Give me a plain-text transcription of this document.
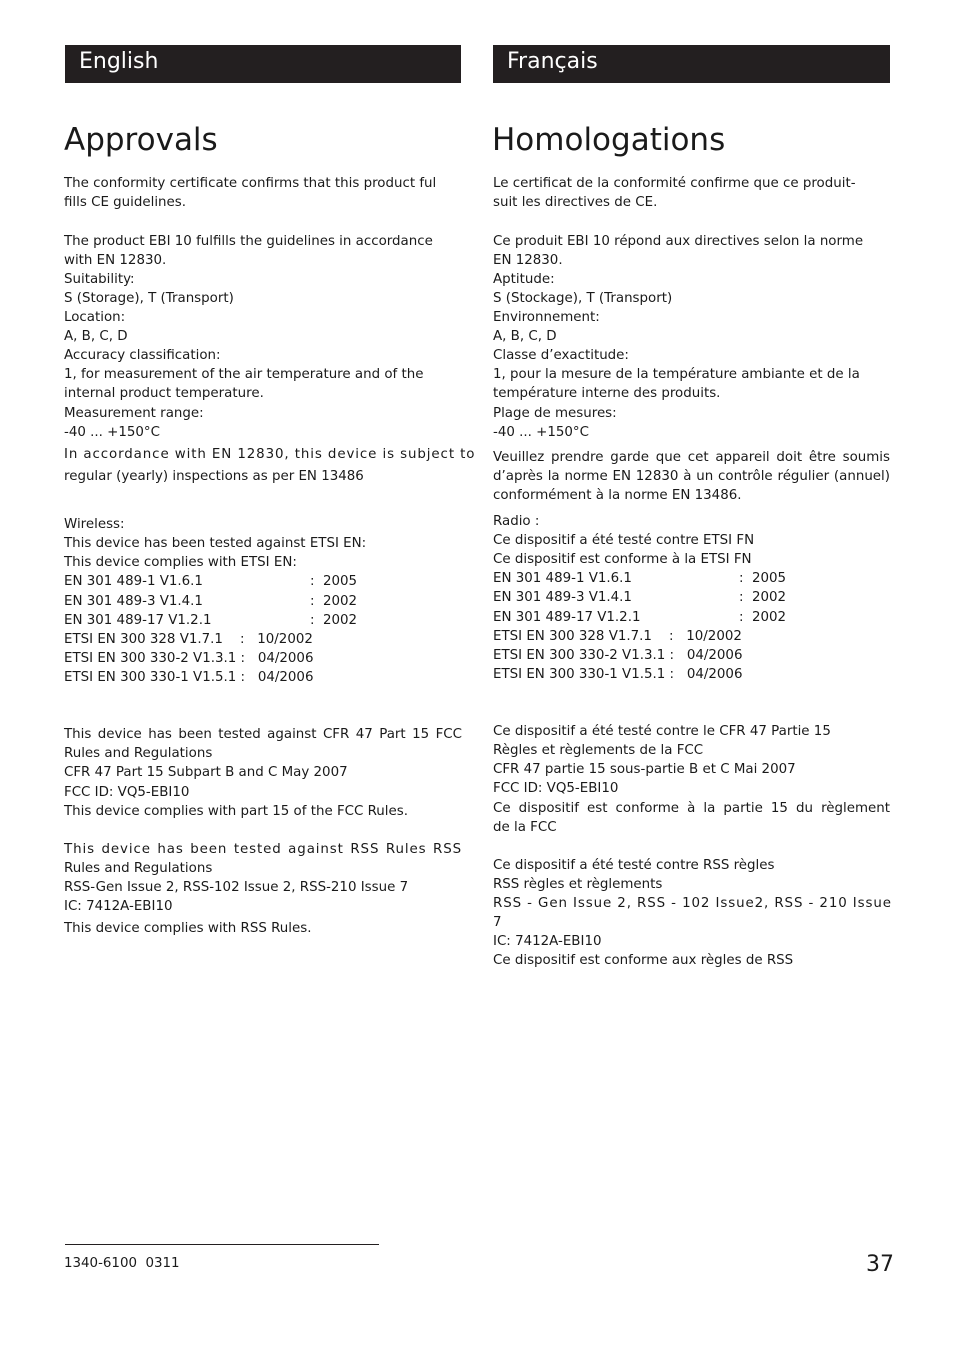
English	Français
Approvals	Homologations
The conformity certificate confirms that this product ful
fills CE guidelines.
The product EBI 10 fulfills the guidelines in accordance
with EN 12830.
Suitability:
S (Storage), T (Transport)
Location:
A, B, C, D
Accuracy classification:
1, for measurement of the air temperature and of the
internal product temperature.
Measurement range:
-40 ... +150°C
In accordance with EN 12830, this device is subject to
regular (yearly) inspections as per EN 13486
Wireless:
This device has been tested against ETSI EN:
This device complies with ETSI EN:
EN 301 489-1 V1.6.1	: 2005
EN 301 489-3 V1.4.1	: 2002
EN 301 489-17 V1.2.1	: 2002

ETSI EN 300 328 V1.7.1    :   10/2002

ETSI EN 300 330-2 V1.3.1 :   04/2006

ETSI EN 300 330-1 V1.5.1 :   04/2006

This device has been tested against CFR 47 Part 15 FCC
Rules and Regulations
CFR 47 Part 15 Subpart B and C May 2007
FCC ID: VQ5-EBI10
This device complies with part 15 of the FCC Rules.
This device has been tested against RSS Rules RSS
Rules and Regulations
RSS-Gen Issue 2, RSS-102 Issue 2, RSS-210 Issue 7
IC: 7412A-EBI10
This device complies with RSS Rules.
Le certificat de la conformité confirme que ce produit-
suit les directives de CE.
Ce produit EBI 10 répond aux directives selon la norme
EN 12830.
Aptitude:
S (Stockage), T (Transport)
Environnement:
A, B, C, D
Classe d’exactitude:
1, pour la mesure de la température ambiante et de la
température interne des produits.
Plage de mesures:
-40 ... +150°C
Veuillez prendre garde que cet appareil doit être soumis
d’après la norme EN 12830 à un contrôle régulier (annuel)
conformément à la norme EN 13486.
Radio :
Ce dispositif a été testé contre ETSI FN
Ce dispositif est conforme à la ETSI FN
EN 301 489-1 V1.6.1	: 2005
EN 301 489-3 V1.4.1	: 2002
EN 301 489-17 V1.2.1	: 2002
ETSI EN 300 328 V1.7.1    :   10/2002
ETSI EN 300 330-2 V1.3.1 :   04/2006
ETSI EN 300 330-1 V1.5.1 :   04/2006
Ce dispositif a été testé contre le CFR 47 Partie 15
Règles et règlements de la FCC
CFR 47 partie 15 sous-partie B et C Mai 2007
FCC ID: VQ5-EBI10
Ce dispositif est conforme à la partie 15 du règlement
de la FCC
Ce dispositif a été testé contre RSS règles
RSS règles et règlements
RSS - Gen Issue 2, RSS - 102 Issue2, RSS - 210 Issue
7
IC: 7412A-EBI10
Ce dispositif est conforme aux règles de RSS
1340-6100  0311	37
